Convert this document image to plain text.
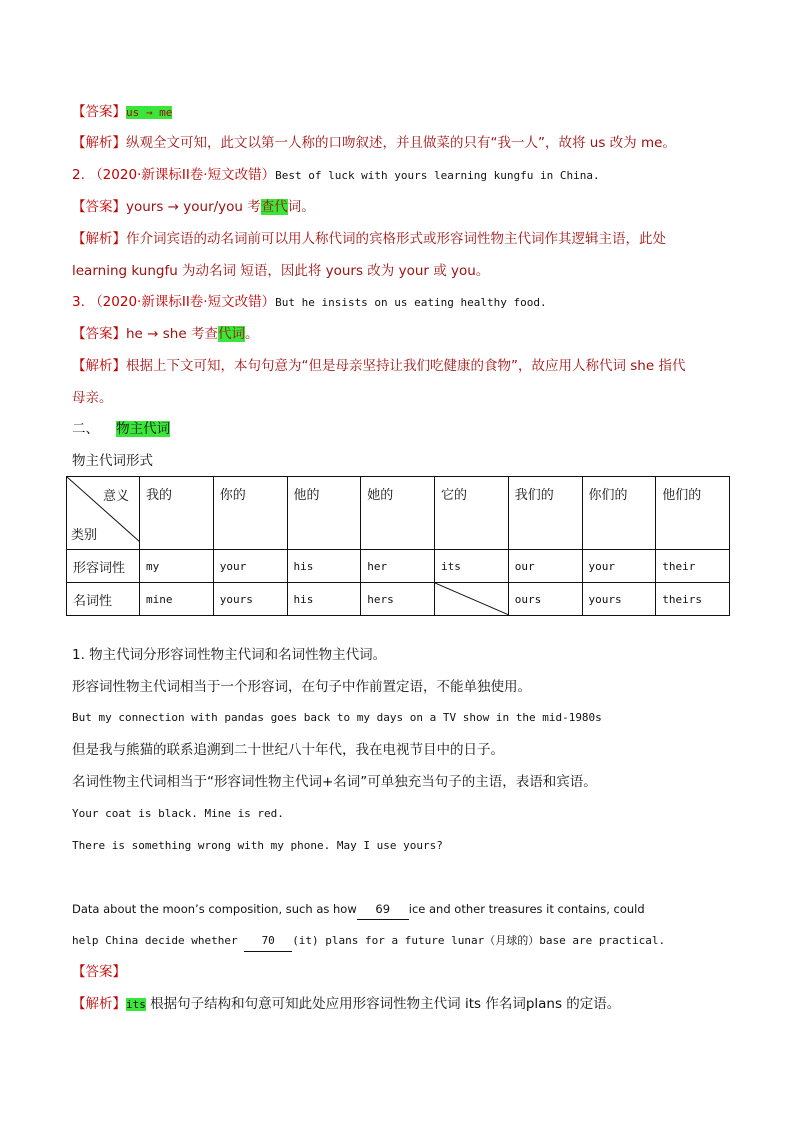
【答案】us → me
【解析】纵观全文可知，此文以第一人称的口吻叙述，并且做菜的只有“我一人”，故将 us 改为 me。
2. （2020·新课标II卷·短文改错）Best of luck with yours learning kungfu in China.
【答案】yours → your/you 考查代词。
【解析】作介词宾语的动名词前可以用人称代词的宾格形式或形容词性物主代词作其逻辑主语，此处
learning kungfu 为动名词 短语，因此将 yours 改为 your 或 you。
3. （2020·新课标II卷·短文改错）But he insists on us eating healthy food.
【答案】he → she 考查代词。
【解析】根据上下文可知，本句句意为“但是母亲坚持让我们吃健康的食物”，故应用人称代词 she 指代
母亲。
二、 物主代词
物主代词形式
意义
类别	我的	你的	他的	她的	它的	我们的	你们的	他们的
形容词性	my	your	his	her	its	our	your	their
名词性	mine	yours	his	hers		ours	yours	theirs
1. 物主代词分形容词性物主代词和名词性物主代词。
形容词性物主代词相当于一个形容词，在句子中作前置定语，不能单独使用。
But my connection with pandas goes back to my days on a TV show in the mid-1980s
但是我与熊猫的联系追溯到二十世纪八十年代，我在电视节目中的日子。
名词性物主代词相当于“形容词性物主代词+名词”可单独充当句子的主语，表语和宾语。
Your coat is black. Mine is red.
There is something wrong with my phone. May I use yours?
Data about the moon’s composition, such as how 69 ice and other treasures it contains, could
help China decide whether 70 (it) plans for a future lunar（月球的）base are practical.
【答案】
【解析】its 根据句子结构和句意可知此处应用形容词性物主代词 its 作名词plans 的定语。
